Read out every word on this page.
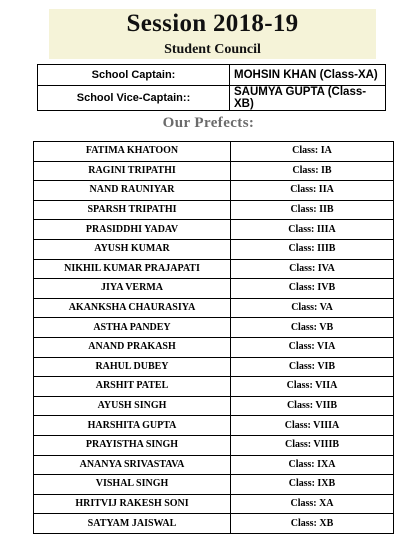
Session 2018-19
Student Council
School Captain:	MOHSIN KHAN (Class-XA)
School Vice-Captain::	SAUMYA GUPTA (Class-XB)
Our Prefects:
FATIMA KHATOON	Class: IA
RAGINI TRIPATHI	Class: IB
NAND RAUNIYAR	Class: IIA
SPARSH TRIPATHI	Class: IIB
PRASIDDHI YADAV	Class: IIIA
AYUSH KUMAR	Class: IIIB
NIKHIL KUMAR PRAJAPATI	Class: IVA
JIYA VERMA	Class: IVB
AKANKSHA CHAURASIYA	Class: VA
ASTHA PANDEY	Class: VB
ANAND PRAKASH	Class: VIA
RAHUL DUBEY	Class: VIB
ARSHIT PATEL	Class: VIIA
AYUSH SINGH	Class: VIIB
HARSHITA GUPTA	Class: VIIIA
PRAYISTHA SINGH	Class: VIIIB
ANANYA SRIVASTAVA	Class: IXA
VISHAL SINGH	Class: IXB
HRITVIJ RAKESH SONI	Class: XA
SATYAM JAISWAL	Class: XB
